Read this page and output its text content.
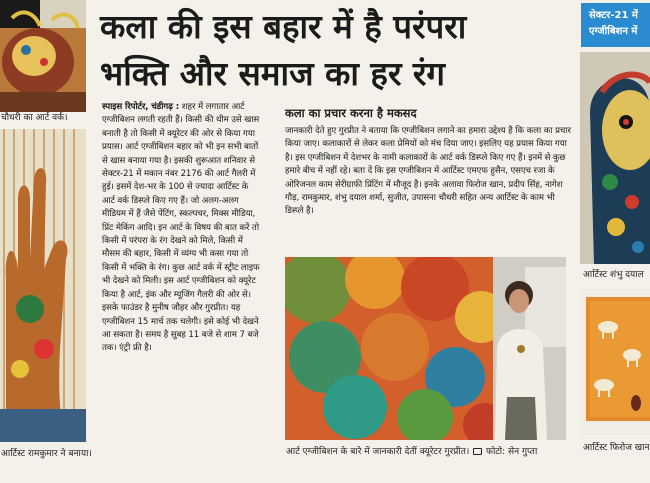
चौधरी का आर्ट वर्क।
आर्टिस्ट रामकुमार ने बनाया।
कला की इस बहार में है परंपरा
भक्ति और समाज का हर रंग

स्पाइस रिपोर्टर, चंडीगढ़ : शहर में लगातार आर्ट एग्जीबिशन लगती रहती हैं। किसी की थीम उसे खास बनाती है तो किसी में क्यूरेटर की ओर से किया गया प्रयास। आर्ट एग्जीबिशन बहार को भी इन सभी बातों से खास बनाया गया है। इसकी शुरूआत शनिवार से सेक्टर-21 में मकान नंबर 2176 की आर्ट गैलरी में हुई। इसमें देश-भर के 100 से ज्यादा आर्टिस्ट के आर्ट वर्क डिस्प्ले किए गए हैं। जो अलग-अलग मीडियम में हैं जैसे पेंटिंग, स्कल्पचर, मिक्स मीडिया, प्रिंट मेकिंग आदि। इन आर्ट के विषय की बात करें तो किसी में परंपरा के रंग देखने को मिले, किसी में मौसम की बहार, किसी में व्यंग्य भी कसा गया तो किसी में भक्ति के रंग। कुछ आर्ट वर्क में स्ट्रीट लाइफ भी देखने को मिली। इस आर्ट एग्जीबिशन को क्यूरेट किया है आर्ट, इंक और म्यूजिंग गैलरी की ओर से। इसके फाउंडर है मुनीष जौहर और गुरप्रीत। यह एग्जीबिशन 15 मार्च तक चलेगी। इसे कोई भी देखने आ सकता है। समय है सुबह 11 बजे से शाम 7 बजे तक। एंट्री फ्री है।

कला का प्रचार करना है मकसद

जानकारी देते हुए गुरप्रीत ने बताया कि एग्जीबिशन लगाने का हमारा उद्देश्य है कि कला का प्रचार किया जाए। कलाकारों से लेकर कला प्रेमियों को मंच दिया जाए। इसलिए यह प्रयास किया गया है। इस एग्जीबिशन में देशभर के नामी कलाकारों के आर्ट वर्क डिस्प्ले किए गए हैं। इनमें से कुछ हमारे बीच में नहीं रहे। बता दें कि इस एग्जीबिशन में आर्टिस्ट एमएफ हुसैन, एसएच रजा के ओरिजनल काम सेरीग्राफी प्रिंटिंग में मौजूद है। इनके अलावा फिरोज खान, प्रदीप सिंह, नागेश गौड़, रामकुमार, शंभु दयाल शर्मा, सुजीत, उपासना चौधरी सहित अन्य आर्टिस्ट के काम भी डिस्प्ले है।

आर्ट एग्जीबिशन के बारे में जानकारी देतीं क्यूरेटर गुरप्रीत। फोटो: सेन गुप्ता
सेक्टर-21 में
एग्जीबिशन में
आर्टिस्ट शंभु दयाल
आर्टिस्ट फिरोज खान
